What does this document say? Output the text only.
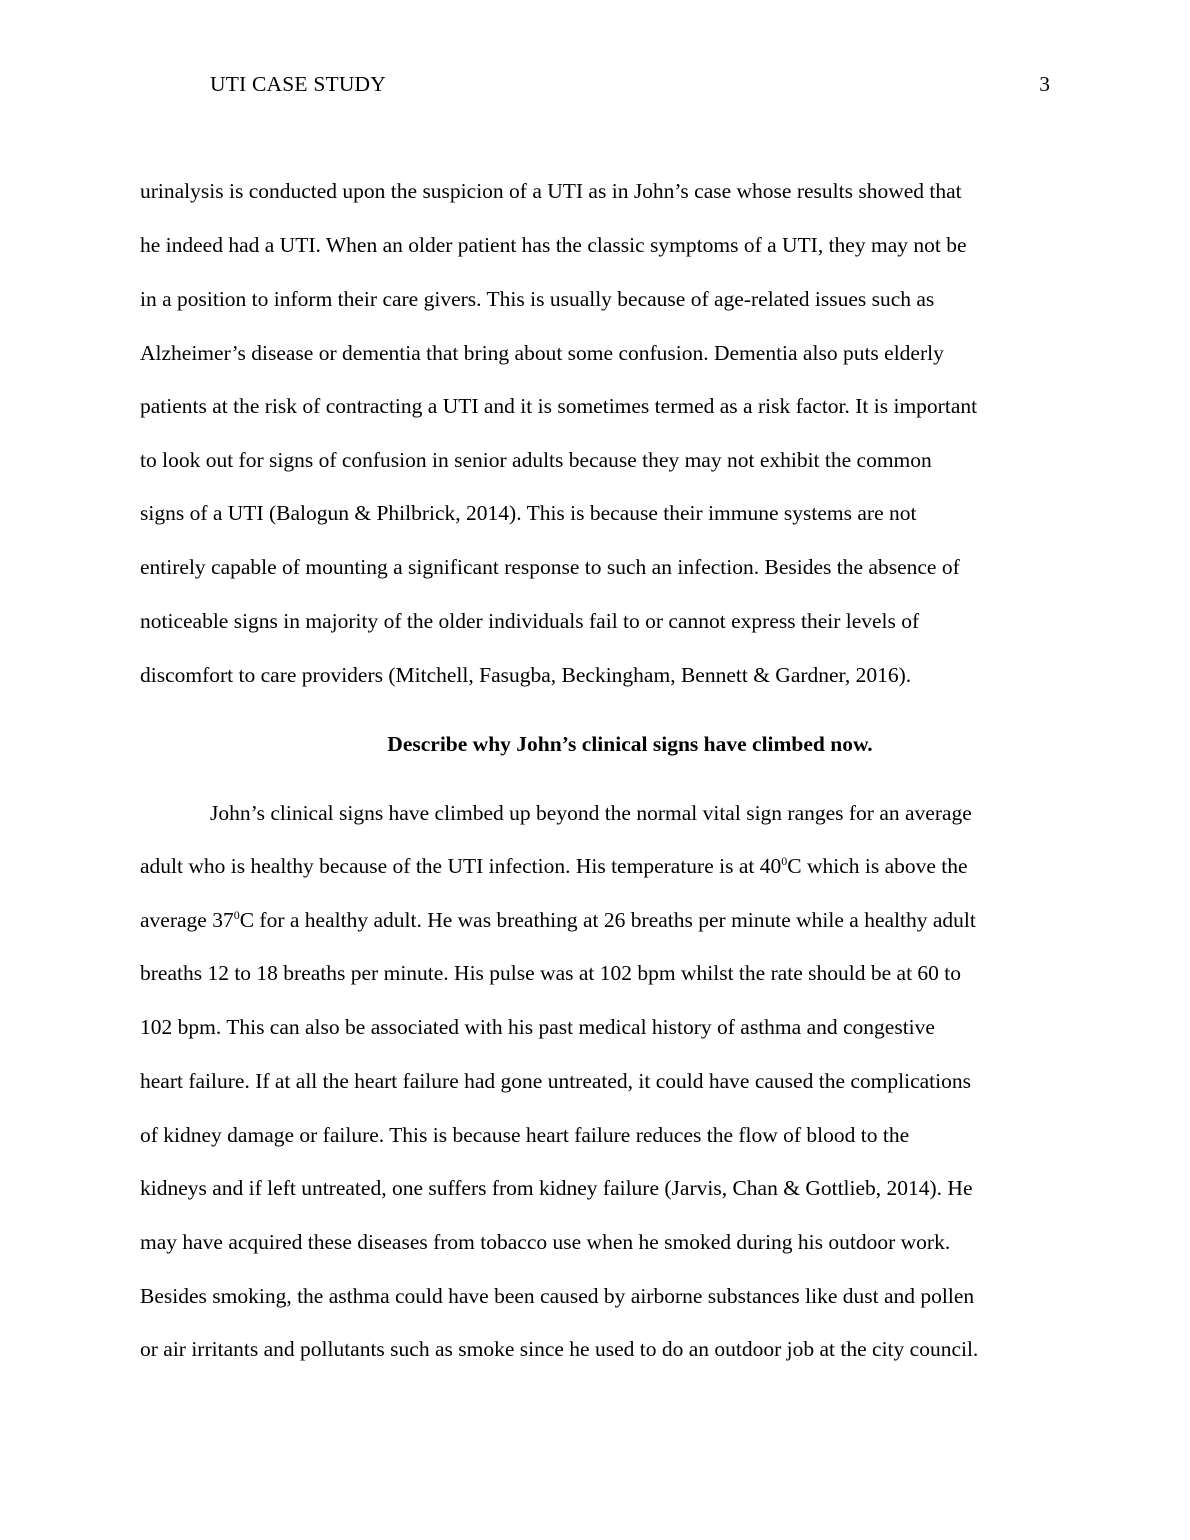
UTI CASE STUDY	3
urinalysis is conducted upon the suspicion of a UTI as in John’s case whose results showed that
he indeed had a UTI. When an older patient has the classic symptoms of a UTI, they may not be
in a position to inform their care givers. This is usually because of age-related issues such as
Alzheimer’s disease or dementia that bring about some confusion. Dementia also puts elderly
patients at the risk of contracting a UTI and it is sometimes termed as a risk factor. It is important
to look out for signs of confusion in senior adults because they may not exhibit the common
signs of a UTI (Balogun & Philbrick, 2014). This is because their immune systems are not
entirely capable of mounting a significant response to such an infection. Besides the absence of
noticeable signs in majority of the older individuals fail to or cannot express their levels of
discomfort to care providers (Mitchell, Fasugba, Beckingham, Bennett & Gardner, 2016).
Describe why John’s clinical signs have climbed now.
John’s clinical signs have climbed up beyond the normal vital sign ranges for an average
adult who is healthy because of the UTI infection. His temperature is at $40^0C$ which is above the
average $37^0C$ for a healthy adult. He was breathing at 26 breaths per minute while a healthy adult
breaths 12 to 18 breaths per minute. His pulse was at 102 bpm whilst the rate should be at 60 to
102 bpm. This can also be associated with his past medical history of asthma and congestive
heart failure. If at all the heart failure had gone untreated, it could have caused the complications
of kidney damage or failure. This is because heart failure reduces the flow of blood to the
kidneys and if left untreated, one suffers from kidney failure (Jarvis, Chan & Gottlieb, 2014). He
may have acquired these diseases from tobacco use when he smoked during his outdoor work.
Besides smoking, the asthma could have been caused by airborne substances like dust and pollen
or air irritants and pollutants such as smoke since he used to do an outdoor job at the city council.
